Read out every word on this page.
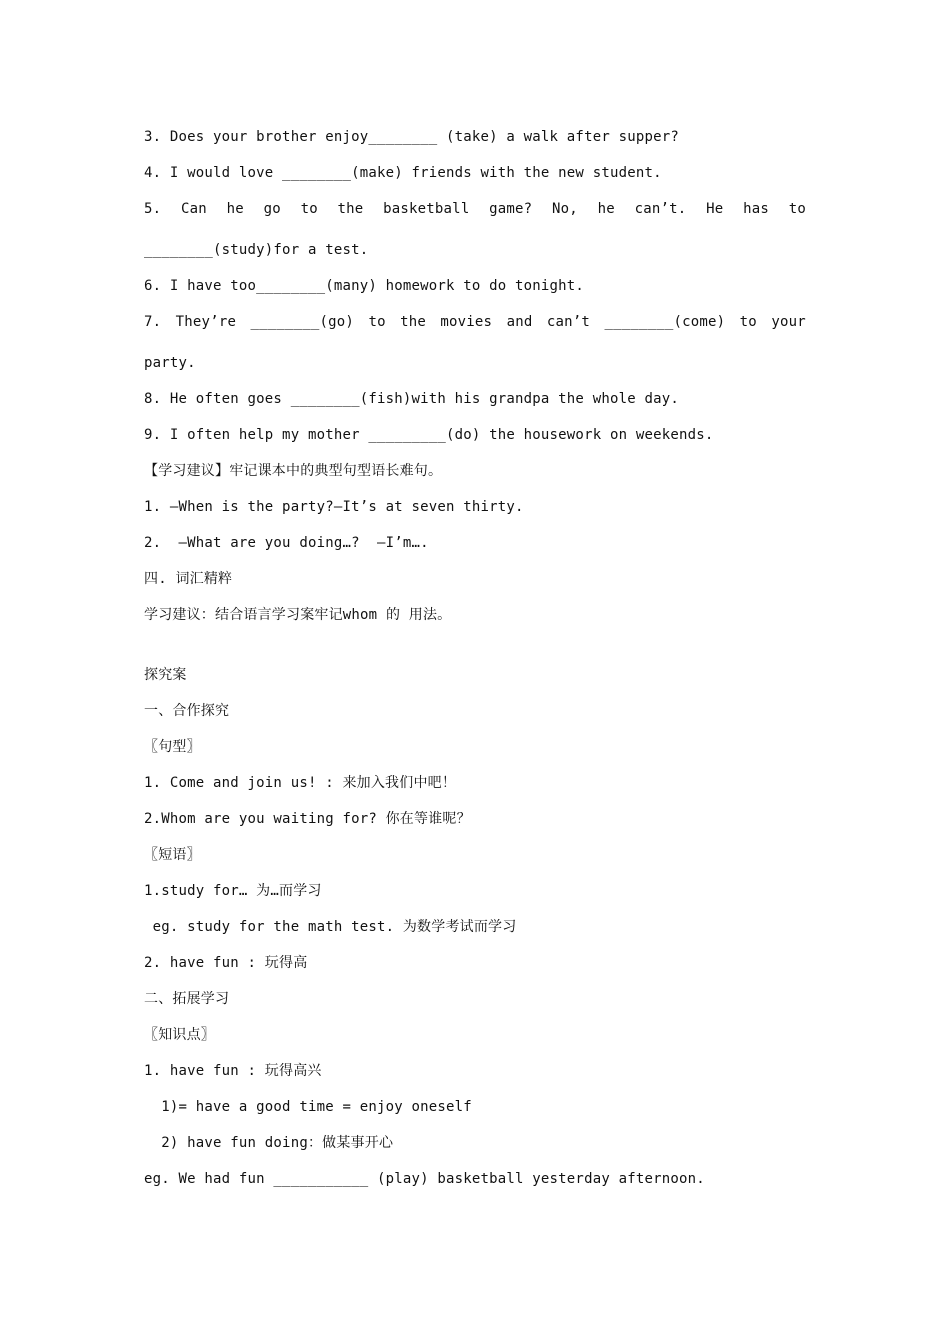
3. Does your brother enjoy________ (take) a walk after supper?
4. I would love ________(make) friends with the new student.
5. Can he go to the basketball game? No, he can’t. He has to
________(study)for a test.
6. I have too________(many) homework to do tonight.
7. They’re ________(go) to the movies and can’t ________(come) to your
party.
8. He often goes ________(fish)with his grandpa the whole day.
9. I often help my mother _________(do) the housework on weekends.
【学习建议】牢记课本中的典型句型语长难句。
1. —When is the party?—It’s at seven thirty.
2.  —What are you doing…?  —I’m….
四. 词汇精粹
学习建议：结合语言学习案牢记whom 的 用法。
探究案
一、合作探究
〖句型〗
1. Come and join us! : 来加入我们中吧！
2.Whom are you waiting for? 你在等谁呢？
〖短语〗
1.study for… 为…而学习
eg. study for the math test. 为数学考试而学习
2. have fun : 玩得高
二、拓展学习
〖知识点〗
1. have fun : 玩得高兴
1)= have a good time = enjoy oneself
2) have fun doing：做某事开心
eg. We had fun ___________ (play) basketball yesterday afternoon.
